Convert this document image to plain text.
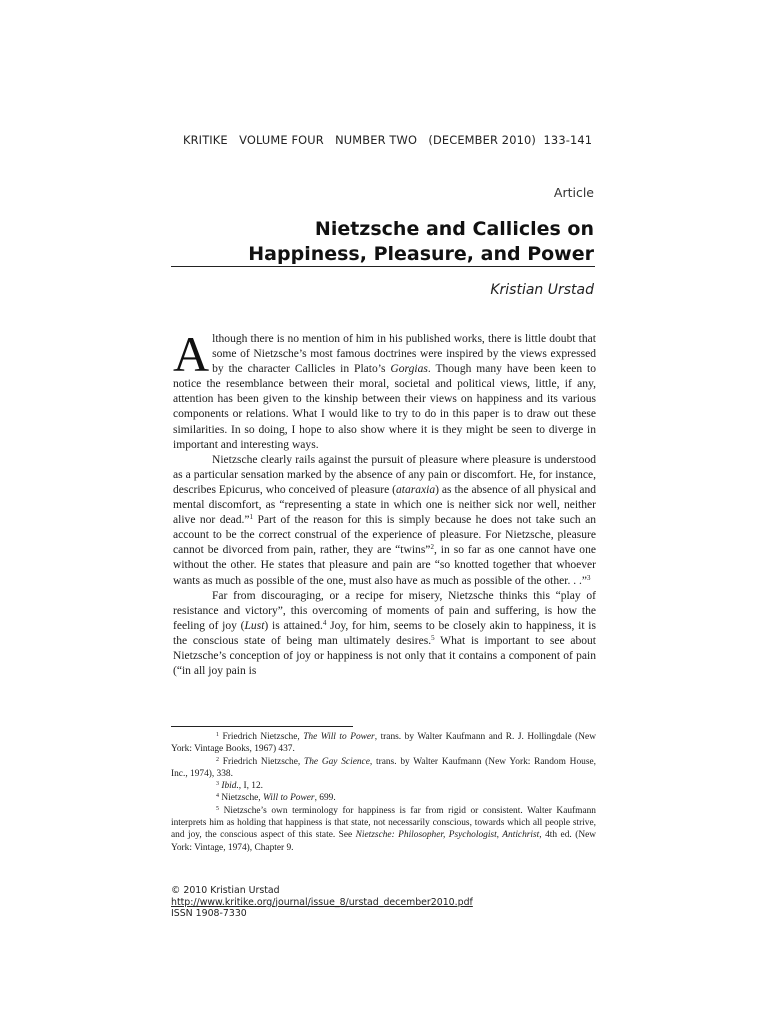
KRITIKE   VOLUME FOUR   NUMBER TWO   (DECEMBER 2010)  133-141
Article
Nietzsche and Callicles on
Happiness, Pleasure, and Power
Kristian Urstad

Although there is no mention of him in his published works, there is little doubt that some of Nietzsche’s most famous doctrines were inspired by the views expressed by the character Callicles in Plato’s Gorgias. Though many have been keen to notice the resemblance between their moral, societal and political views, little, if any, attention has been given to the kinship between their views on happiness and its various components or relations. What I would like to try to do in this paper is to draw out these similarities. In so doing, I hope to also show where it is they might be seen to diverge in important and interesting ways.

Nietzsche clearly rails against the pursuit of pleasure where pleasure is understood as a particular sensation marked by the absence of any pain or discomfort. He, for instance, describes Epicurus, who conceived of pleasure (ataraxia) as the absence of all physical and mental discomfort, as “representing a state in which one is neither sick nor well, neither alive nor dead.”$^1$ Part of the reason for this is simply because he does not take such an account to be the correct construal of the experience of pleasure. For Nietzsche, pleasure cannot be divorced from pain, rather, they are “twins”$^2$, in so far as one cannot have one without the other. He states that pleasure and pain are “so knotted together that whoever wants as much as possible of the one, must also have as much as possible of the other. . .”$^3$

Far from discouraging, or a recipe for misery, Nietzsche thinks this “play of resistance and victory”, this overcoming of moments of pain and suffering, is how the feeling of joy (Lust) is attained.$^4$ Joy, for him, seems to be closely akin to happiness, it is the conscious state of being man ultimately desires.$^5$ What is important to see about Nietzsche’s conception of joy or happiness is not only that it contains a component of pain (“in all joy pain is

$^1$ Friedrich Nietzsche, The Will to Power, trans. by Walter Kaufmann and R. J. Hollingdale (New York: Vintage Books, 1967) 437.

$^2$ Friedrich Nietzsche, The Gay Science, trans. by Walter Kaufmann (New York: Random House, Inc., 1974), 338.

$^3$ Ibid., I, 12.

$^4$ Nietzsche, Will to Power, 699.

$^5$ Nietzsche’s own terminology for happiness is far from rigid or consistent. Walter Kaufmann interprets him as holding that happiness is that state, not necessarily conscious, towards which all people strive, and joy, the conscious aspect of this state. See Nietzsche: Philosopher, Psychologist, Antichrist, 4th ed. (New York: Vintage, 1974), Chapter 9.

© 2010 Kristian Urstad
http://www.kritike.org/journal/issue_8/urstad_december2010.pdf
ISSN 1908-7330
